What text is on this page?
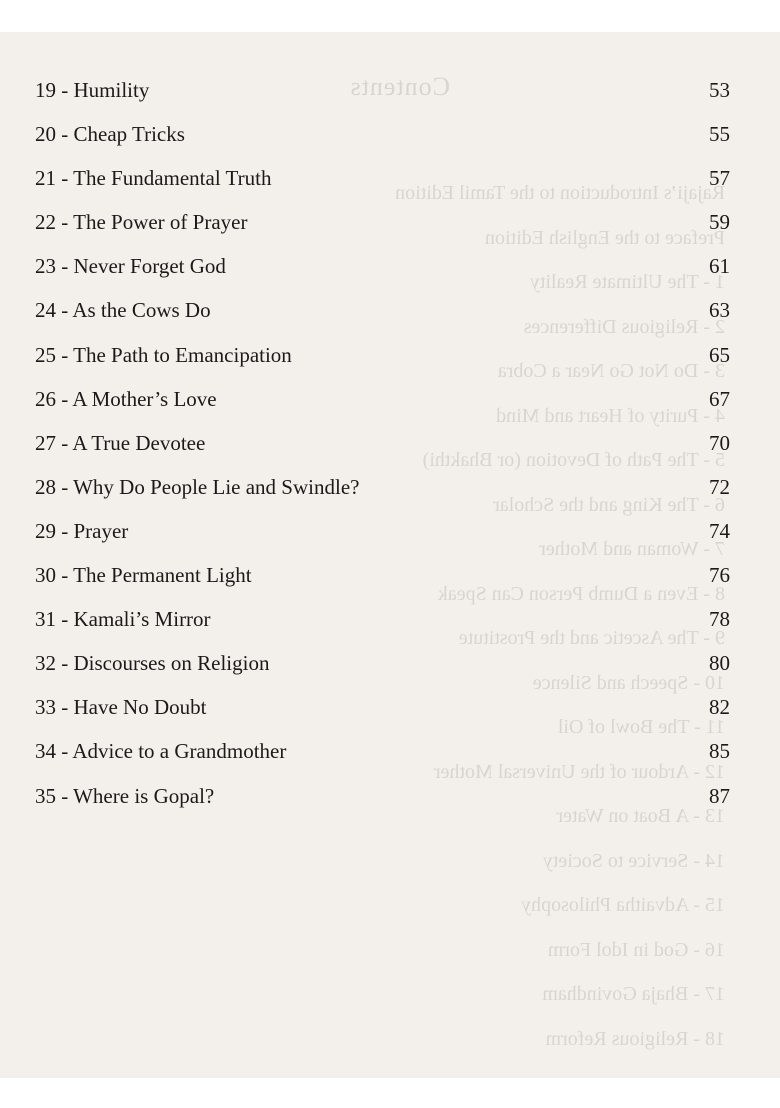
Contents
Rajaji’s Introduction to the Tamil Edition
Preface to the English Edition
1 - The Ultimate Reality
2 - Religious Differences
3 - Do Not Go Near a Cobra
4 - Purity of Heart and Mind
5 - The Path of Devotion (or Bhakthi)
6 - The King and the Scholar
7 - Woman and Mother
8 - Even a Dumb Person Can Speak
9 - The Ascetic and the Prostitute
10 - Speech and Silence
11 - The Bowl of Oil
12 - Ardour of the Universal Mother
13 - A Boat on Water
14 - Service to Society
15 - Advaitha Philosophy
16 - God in Idol Form
17 - Bhaja Govindham
18 - Religious Reform
19 - Humility	53
20 - Cheap Tricks	55
21 - The Fundamental Truth	57
22 - The Power of Prayer	59
23 - Never Forget God	61
24 - As the Cows Do	63
25 - The Path to Emancipation	65
26 - A Mother’s Love	67
27 - A True Devotee	70
28 - Why Do People Lie and Swindle?	72
29 - Prayer	74
30 - The Permanent Light	76
31 - Kamali’s Mirror	78
32 - Discourses on Religion	80
33 - Have No Doubt	82
34 - Advice to a Grandmother	85
35 - Where is Gopal?	87
